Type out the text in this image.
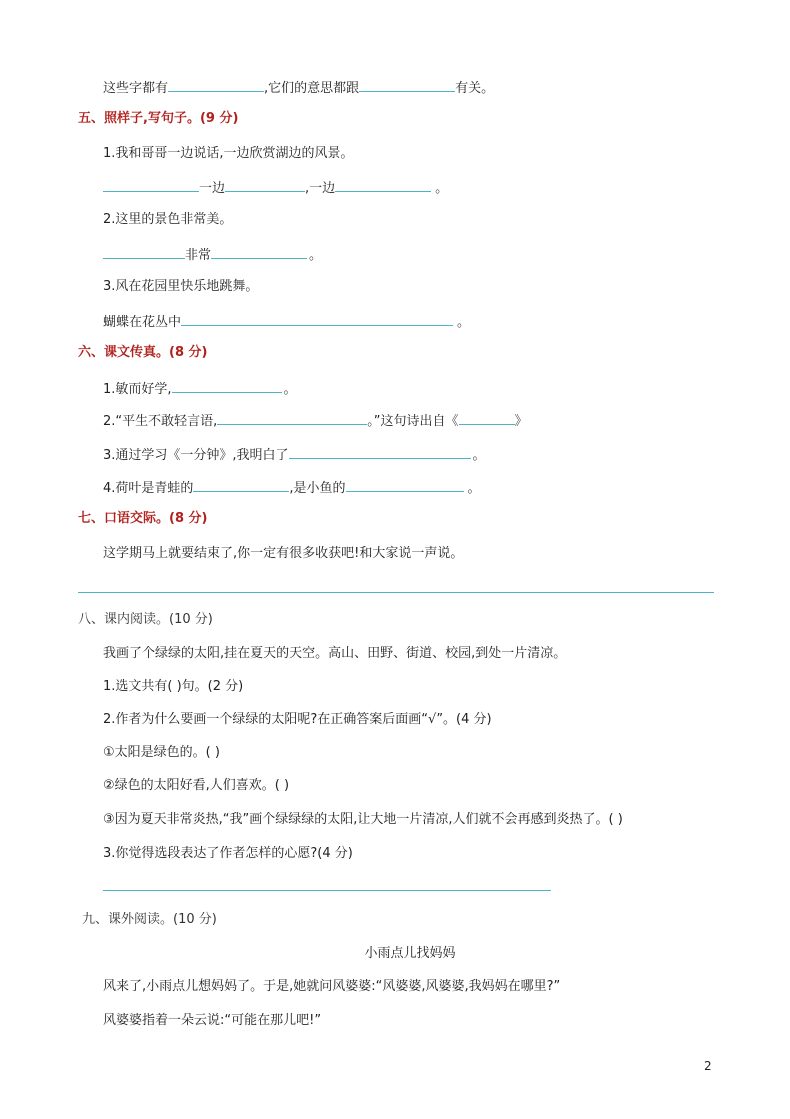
这些字都有	,它们的意思都跟	有关。
五、照样子,写句子。(9 分)
1.我和哥哥一边说话,一边欣赏湖边的风景。
一边	,一边	。
2.这里的景色非常美。
非常	。
3.风在花园里快乐地跳舞。
蝴蝶在花丛中	。
六、课文传真。(8 分)
1.敏而好学,	。
2.“平生不敢轻言语,	。”这句诗出自《	》
3.通过学习《一分钟》,我明白了	。
4.荷叶是青蛙的	,是小鱼的	。
七、口语交际。(8 分)
这学期马上就要结束了,你一定有很多收获吧!和大家说一声说。
八、课内阅读。(10 分)
我画了个绿绿的太阳,挂在夏天的天空。高山、田野、街道、校园,到处一片清凉。
1.选文共有( )句。(2 分)
2.作者为什么要画一个绿绿的太阳呢?在正确答案后面画“√”。(4 分)
①太阳是绿色的。( )
②绿色的太阳好看,人们喜欢。( )
③因为夏天非常炎热,“我”画个绿绿绿的太阳,让大地一片清凉,人们就不会再感到炎热了。( )
3.你觉得选段表达了作者怎样的心愿?(4 分)
九、课外阅读。(10 分)
小雨点儿找妈妈
风来了,小雨点儿想妈妈了。于是,她就问风婆婆:“风婆婆,风婆婆,我妈妈在哪里?”
风婆婆指着一朵云说:“可能在那儿吧!”
2
